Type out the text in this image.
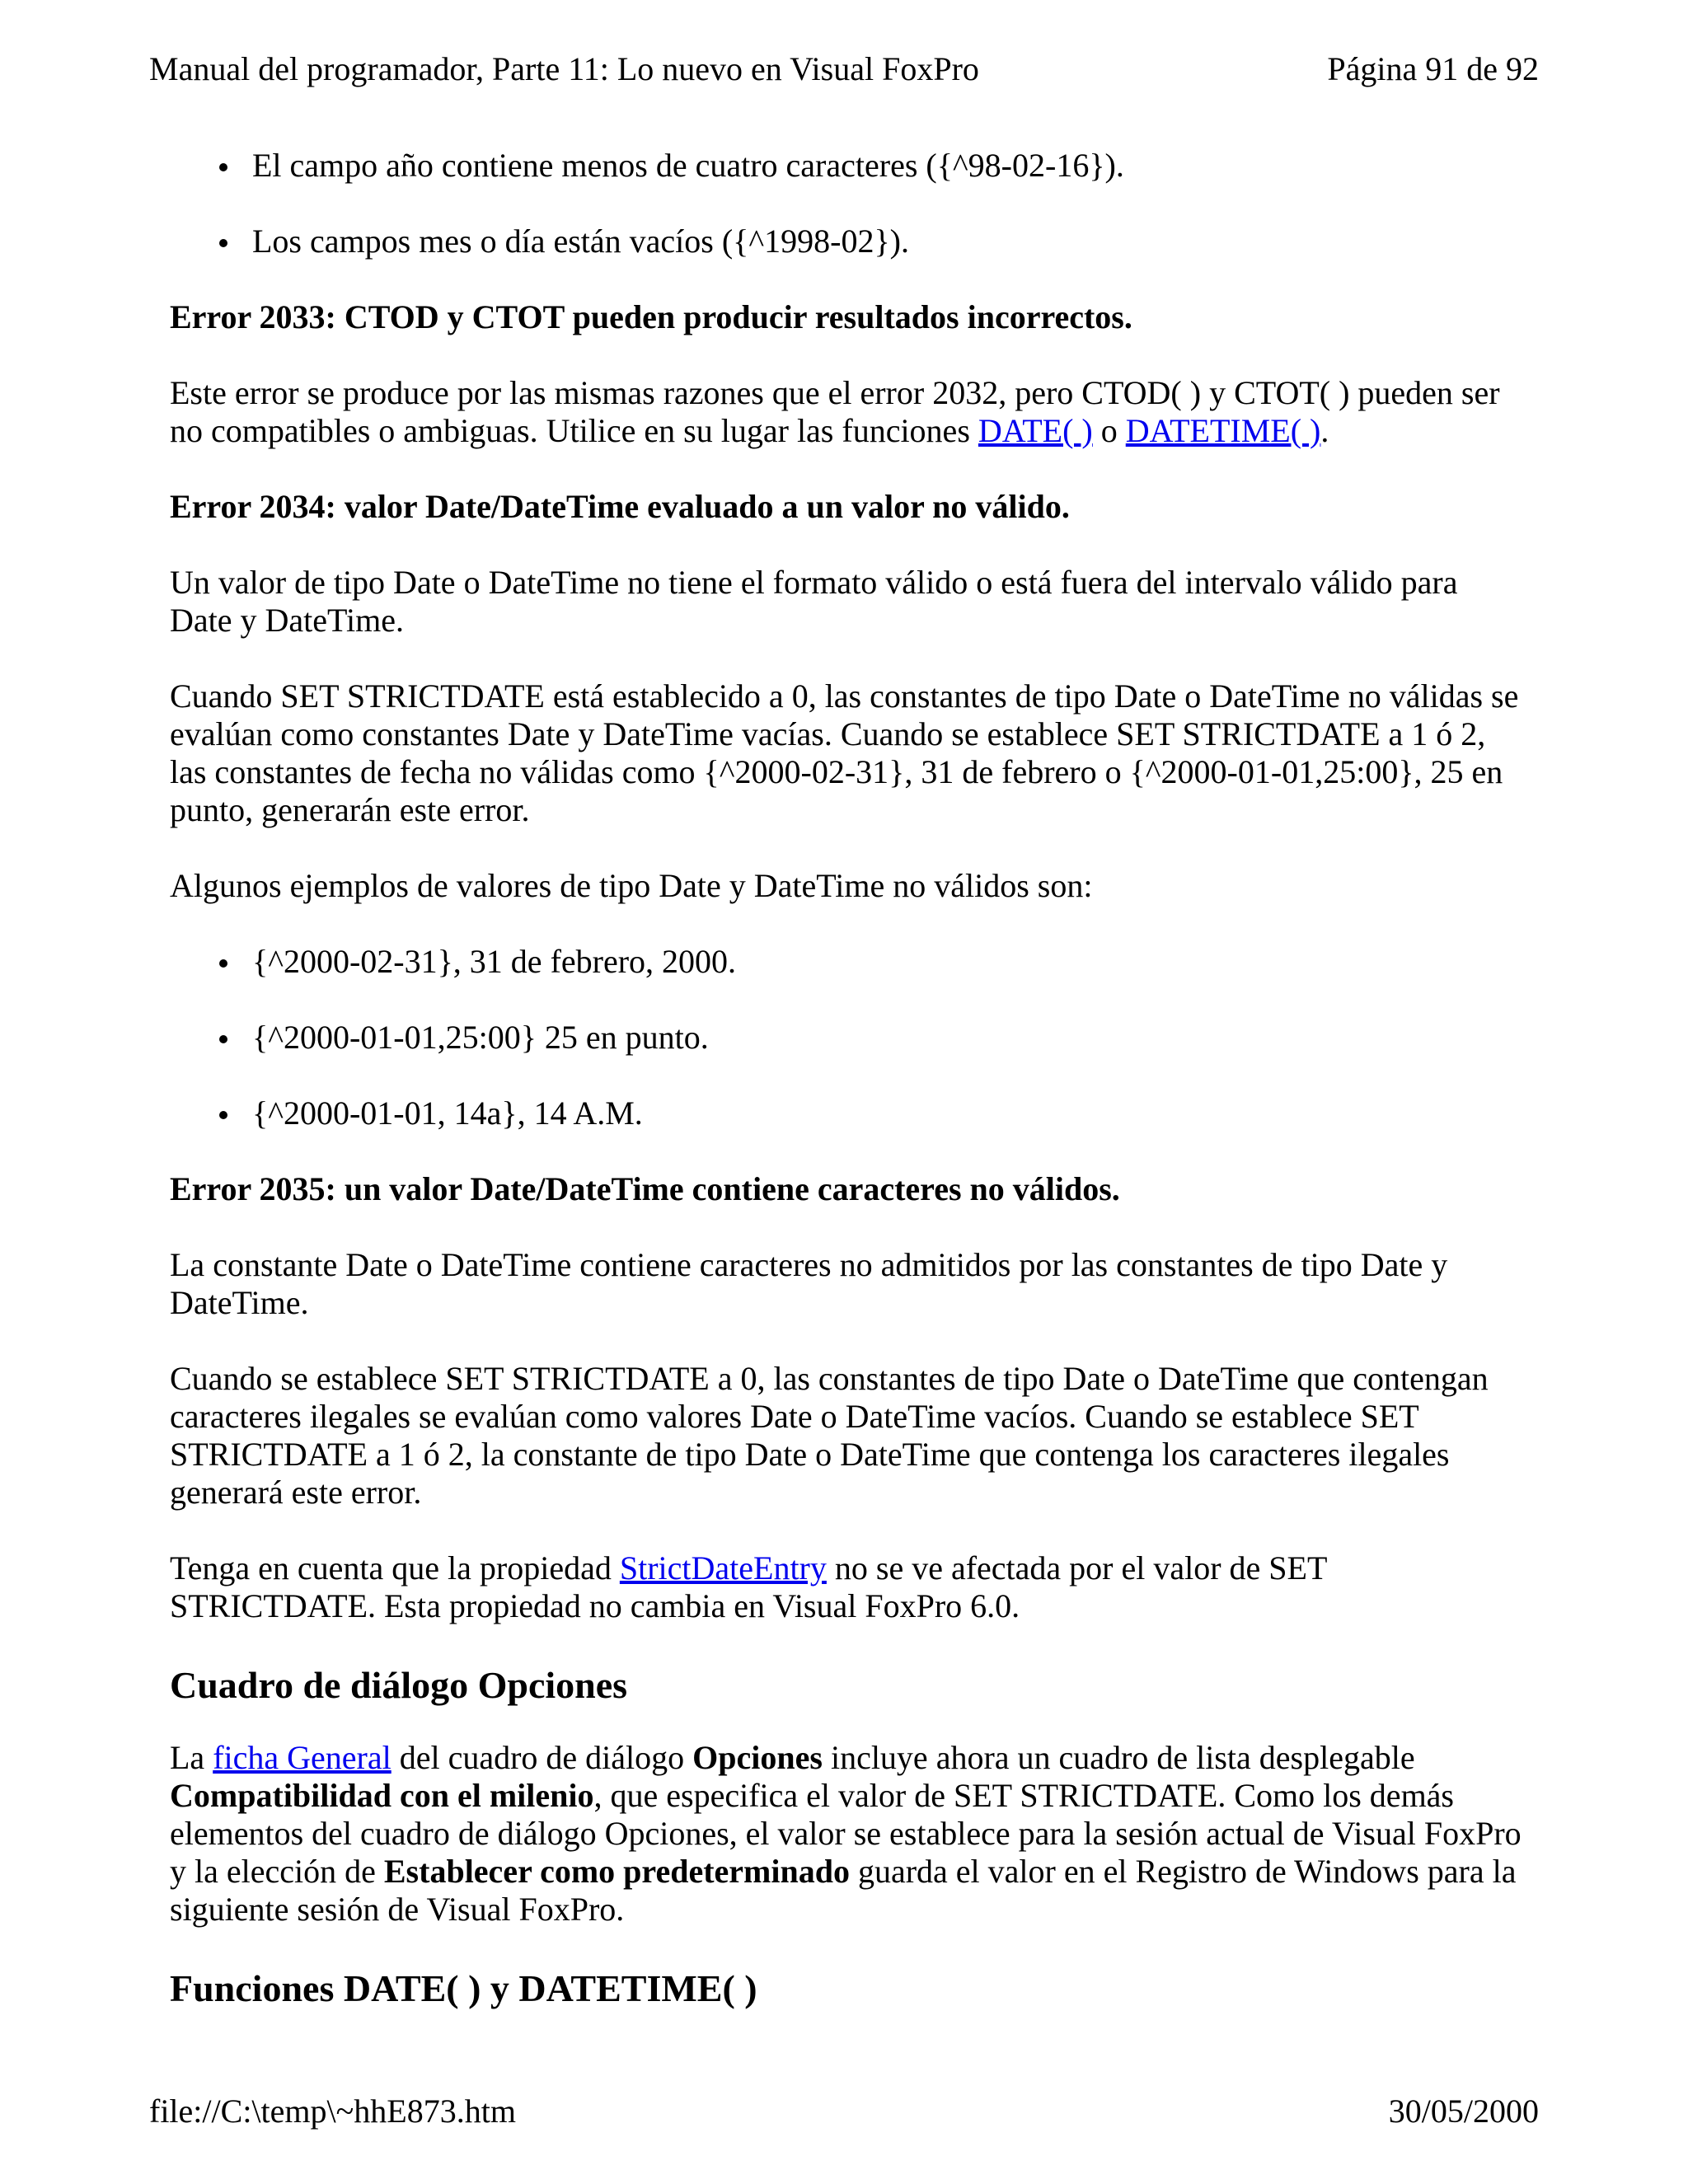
Manual del programador, Parte 11: Lo nuevo en Visual FoxPro	Página 91 de 92
El campo año contiene menos de cuatro caracteres ({^98-02-16}).
Los campos mes o día están vacíos ({^1998-02}).

Error 2033: CTOD y CTOT pueden producir resultados incorrectos.

Este error se produce por las mismas razones que el error 2032, pero CTOD( ) y CTOT( ) pueden ser no compatibles o ambiguas. Utilice en su lugar las funciones DATE( ) o DATETIME( ).

Error 2034: valor Date/DateTime evaluado a un valor no válido.

Un valor de tipo Date o DateTime no tiene el formato válido o está fuera del intervalo válido para Date y DateTime.

Cuando SET STRICTDATE está establecido a 0, las constantes de tipo Date o DateTime no válidas se evalúan como constantes Date y DateTime vacías. Cuando se establece SET STRICTDATE a 1 ó 2, las constantes de fecha no válidas como {^2000-02-31}, 31 de febrero o {^2000-01-01,25:00}, 25 en punto, generarán este error.

Algunos ejemplos de valores de tipo Date y DateTime no válidos son:

{^2000-02-31}, 31 de febrero, 2000.
{^2000-01-01,25:00} 25 en punto.
{^2000-01-01, 14a}, 14 A.M.

Error 2035: un valor Date/DateTime contiene caracteres no válidos.

La constante Date o DateTime contiene caracteres no admitidos por las constantes de tipo Date y DateTime.

Cuando se establece SET STRICTDATE a 0, las constantes de tipo Date o DateTime que contengan caracteres ilegales se evalúan como valores Date o DateTime vacíos. Cuando se establece SET STRICTDATE a 1 ó 2, la constante de tipo Date o DateTime que contenga los caracteres ilegales generará este error.

Tenga en cuenta que la propiedad StrictDateEntry no se ve afectada por el valor de SET STRICTDATE. Esta propiedad no cambia en Visual FoxPro 6.0.

Cuadro de diálogo Opciones

La ficha General del cuadro de diálogo Opciones incluye ahora un cuadro de lista desplegable Compatibilidad con el milenio, que especifica el valor de SET STRICTDATE. Como los demás elementos del cuadro de diálogo Opciones, el valor se establece para la sesión actual de Visual FoxPro y la elección de Establecer como predeterminado guarda el valor en el Registro de Windows para la siguiente sesión de Visual FoxPro.

Funciones DATE( ) y DATETIME( )
file://C:\temp\~hhE873.htm	30/05/2000
